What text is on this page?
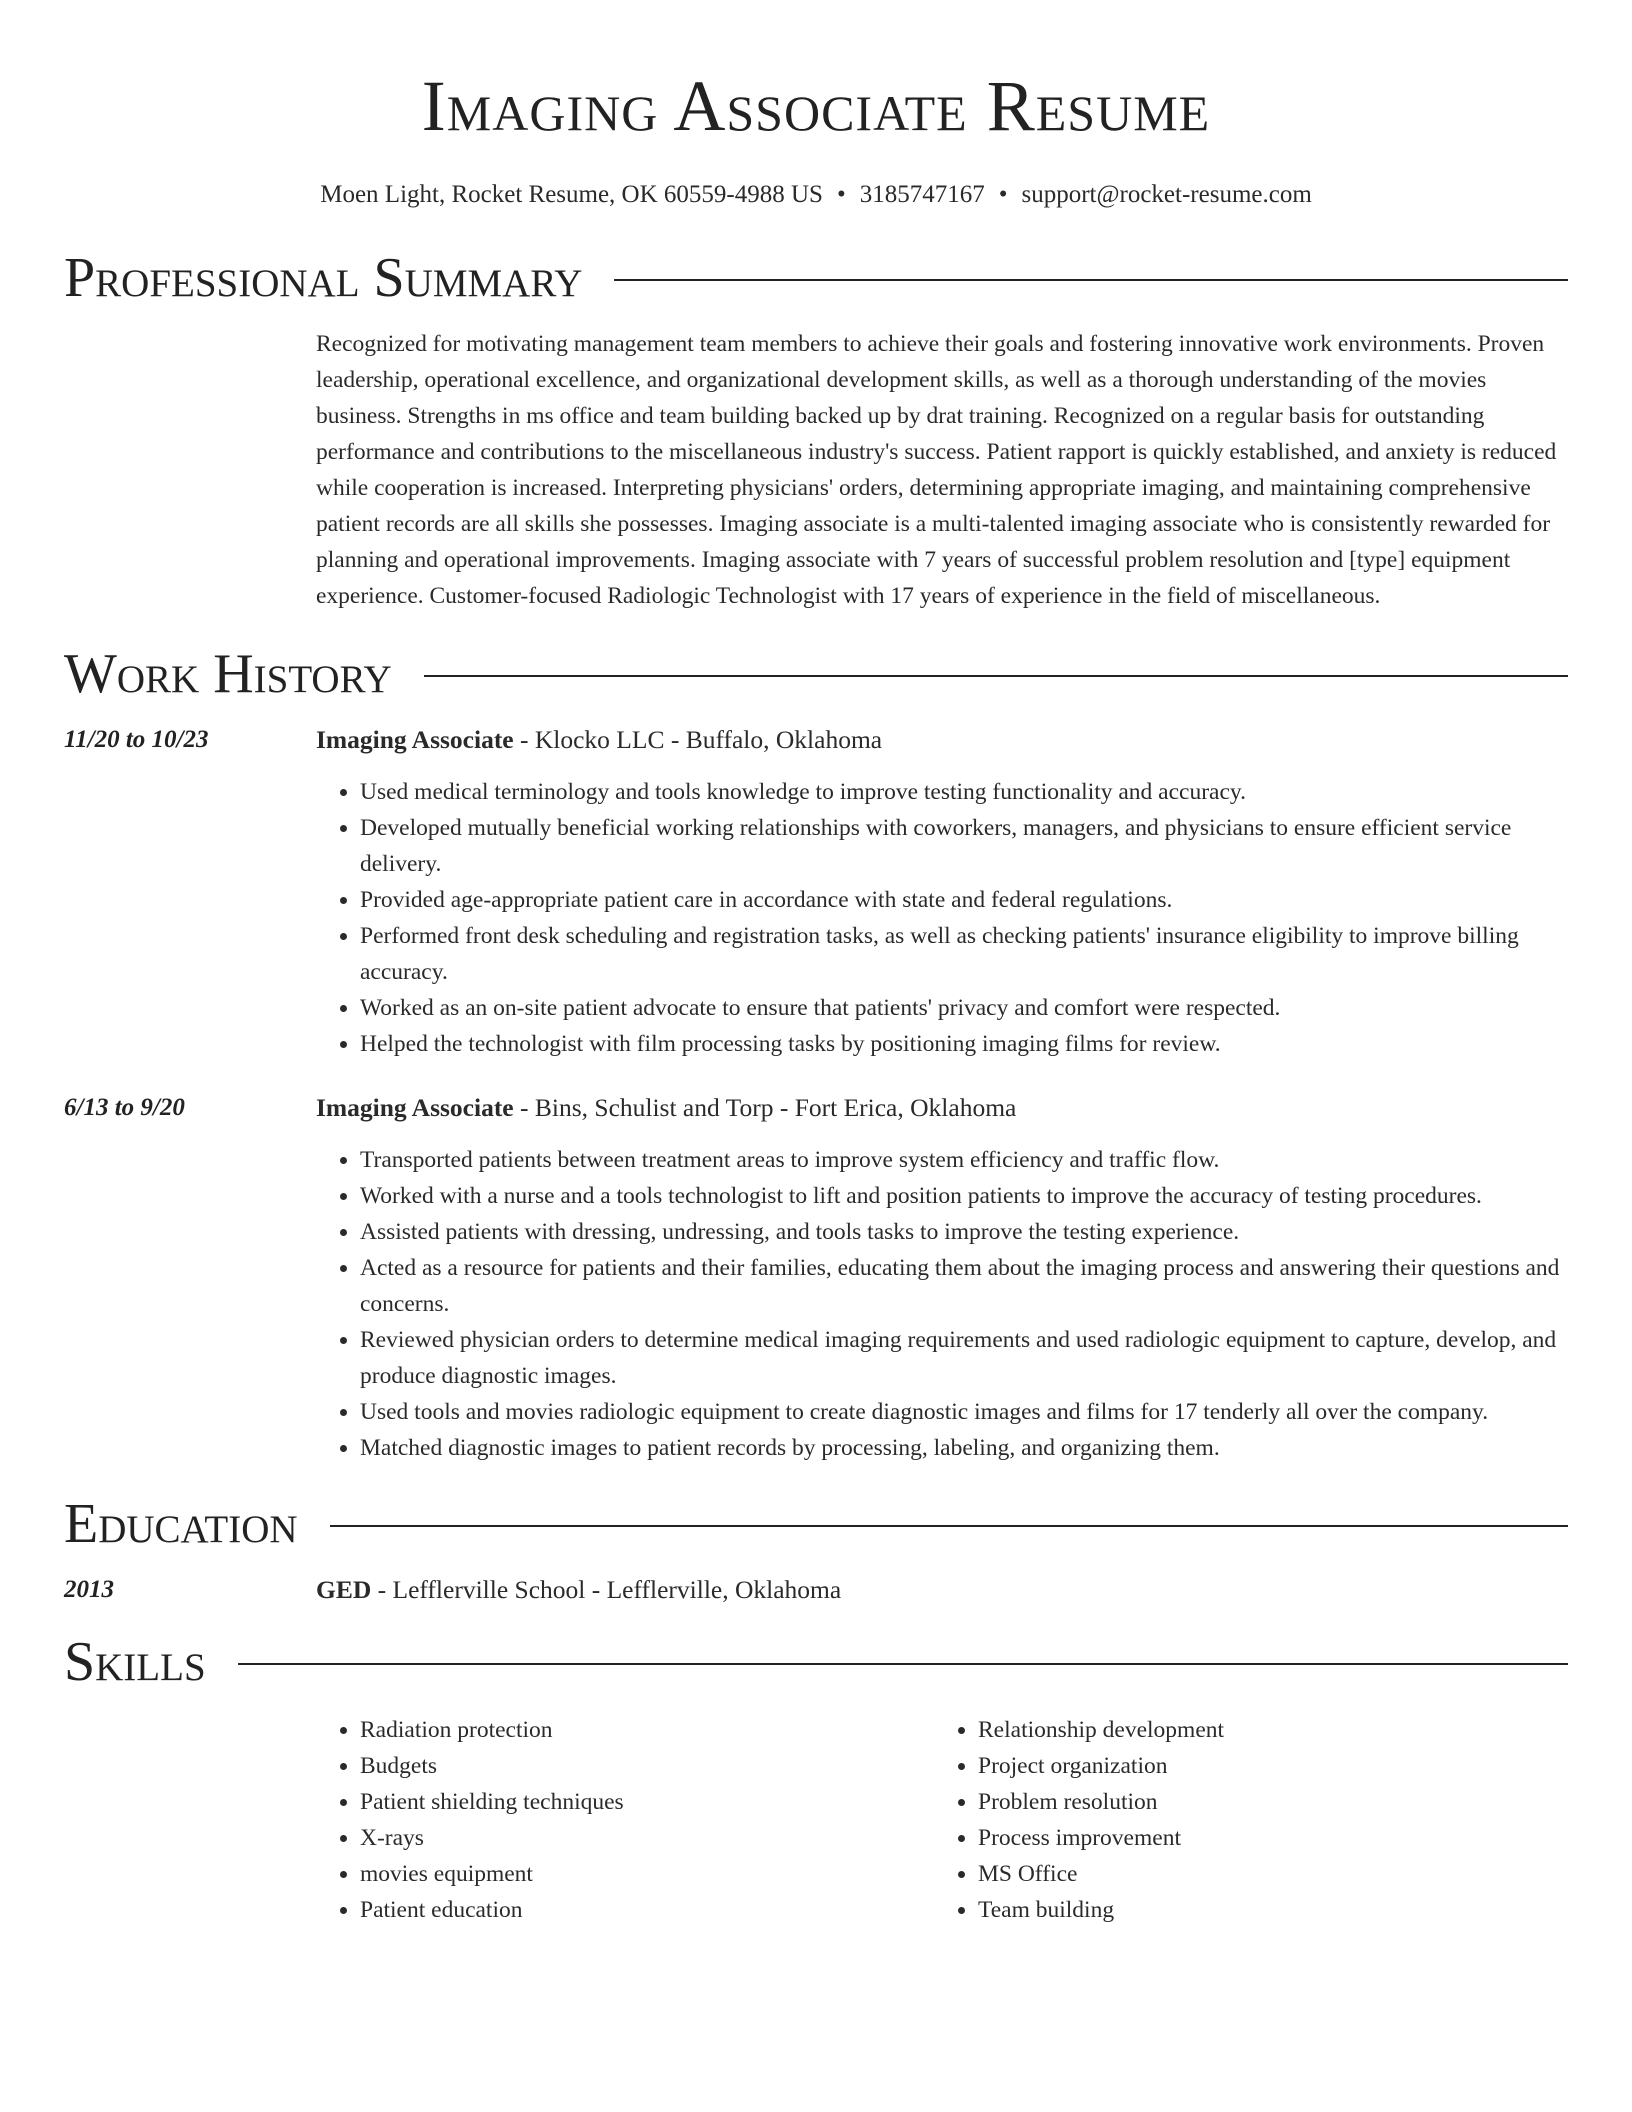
Imaging Associate Resume
Moen Light, Rocket Resume, OK 60559-4988 US • 3185747167 • support@rocket-resume.com
Professional Summary
Recognized for motivating management team members to achieve their goals and fostering innovative work environments. Proven leadership, operational excellence, and organizational development skills, as well as a thorough understanding of the movies business. Strengths in ms office and team building backed up by drat training. Recognized on a regular basis for outstanding performance and contributions to the miscellaneous industry's success. Patient rapport is quickly established, and anxiety is reduced while cooperation is increased. Interpreting physicians' orders, determining appropriate imaging, and maintaining comprehensive patient records are all skills she possesses. Imaging associate is a multi-talented imaging associate who is consistently rewarded for planning and operational improvements. Imaging associate with 7 years of successful problem resolution and [type] equipment experience. Customer-focused Radiologic Technologist with 17 years of experience in the field of miscellaneous.
Work History
11/20 to 10/23	Imaging Associate - Klocko LLC - Buffalo, Oklahoma
• Used medical terminology and tools knowledge to improve testing functionality and accuracy.
• Developed mutually beneficial working relationships with coworkers, managers, and physicians to ensure efficient service delivery.
• Provided age-appropriate patient care in accordance with state and federal regulations.
• Performed front desk scheduling and registration tasks, as well as checking patients' insurance eligibility to improve billing accuracy.
• Worked as an on-site patient advocate to ensure that patients' privacy and comfort were respected.
• Helped the technologist with film processing tasks by positioning imaging films for review.
6/13 to 9/20	Imaging Associate - Bins, Schulist and Torp - Fort Erica, Oklahoma
• Transported patients between treatment areas to improve system efficiency and traffic flow.
• Worked with a nurse and a tools technologist to lift and position patients to improve the accuracy of testing procedures.
• Assisted patients with dressing, undressing, and tools tasks to improve the testing experience.
• Acted as a resource for patients and their families, educating them about the imaging process and answering their questions and concerns.
• Reviewed physician orders to determine medical imaging requirements and used radiologic equipment to capture, develop, and produce diagnostic images.
• Used tools and movies radiologic equipment to create diagnostic images and films for 17 tenderly all over the company.
• Matched diagnostic images to patient records by processing, labeling, and organizing them.
Education
2013	GED - Lefflerville School - Lefflerville, Oklahoma
Skills
• Radiation protection
• Budgets
• Patient shielding techniques
• X-rays
• movies equipment
• Patient education
• Relationship development
• Project organization
• Problem resolution
• Process improvement
• MS Office
• Team building
